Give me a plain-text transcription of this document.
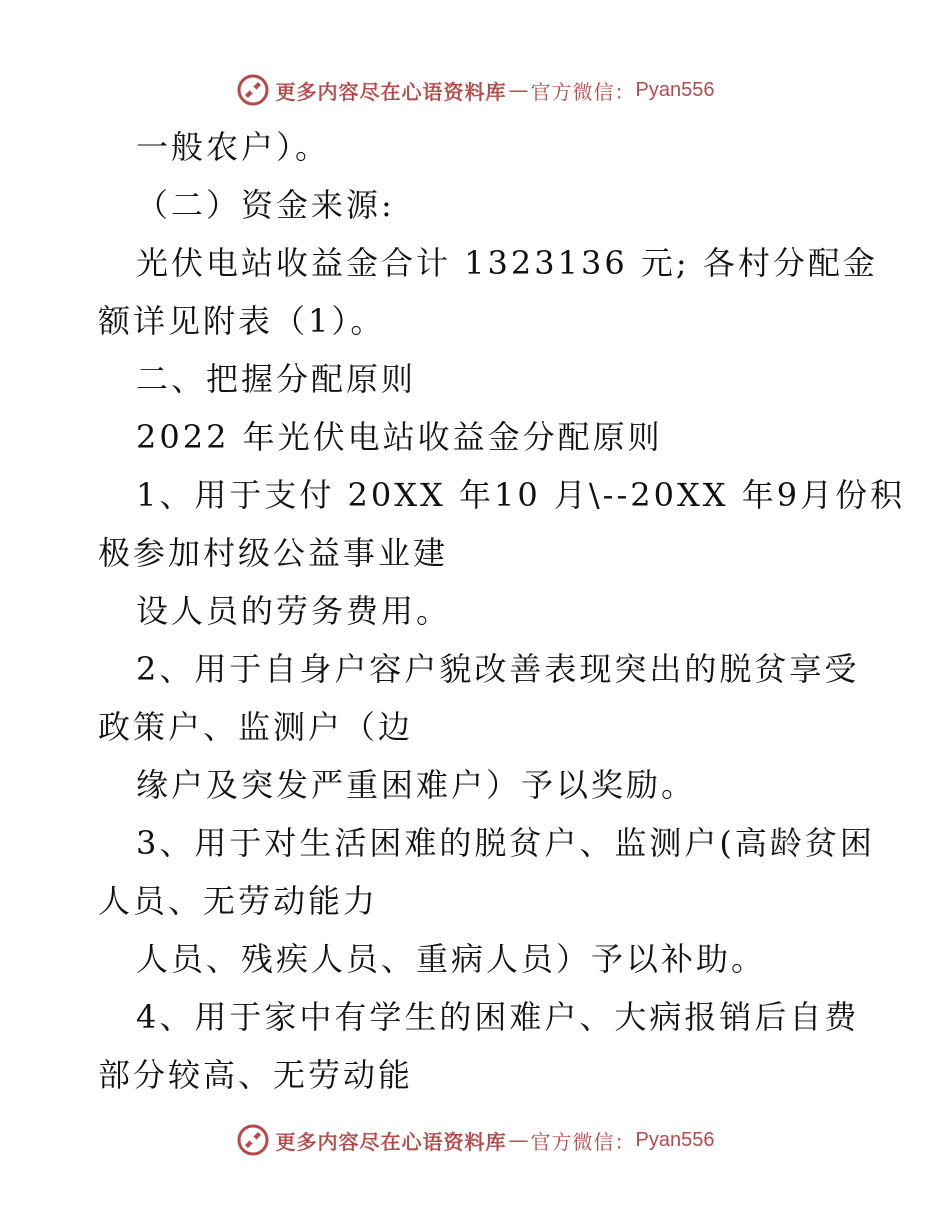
更多内容尽在心语资料库 — 官方微信： Pyan556
一般农户）。
（二）资金来源:
光伏电站收益金合计 1323136 元; 各村分配金
额详见附表（1）。
二、把握分配原则
2022 年光伏电站收益金分配原则
1、用于支付 20XX 年10 月\--20XX 年9月份积
极参加村级公益事业建
设人员的劳务费用。
2、用于自身户容户貌改善表现突出的脱贫享受
政策户、监测户（边
缘户及突发严重困难户）予以奖励。
3、用于对生活困难的脱贫户、监测户(高龄贫困
人员、无劳动能力
人员、残疾人员、重病人员）予以补助。
4、用于家中有学生的困难户、大病报销后自费
部分较高、无劳动能
更多内容尽在心语资料库 — 官方微信： Pyan556
